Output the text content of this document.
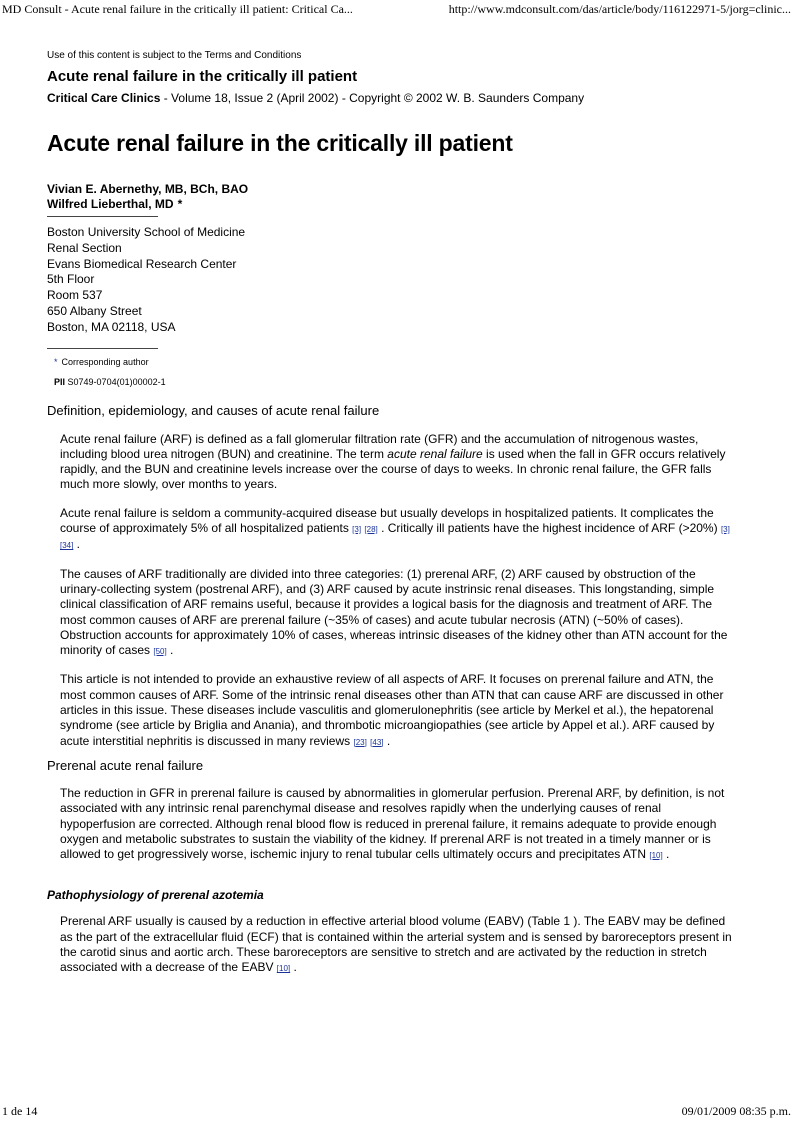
MD Consult - Acute renal failure in the critically ill patient: Critical Ca...	http://www.mdconsult.com/das/article/body/116122971-5/jorg=clinic...
Use of this content is subject to the Terms and Conditions
Acute renal failure in the critically ill patient
Critical Care Clinics - Volume 18, Issue 2 (April 2002) - Copyright © 2002 W. B. Saunders Company
Acute renal failure in the critically ill patient
Vivian E. Abernethy, MB, BCh, BAO
Wilfred Lieberthal, MD *
Boston University School of Medicine
Renal Section
Evans Biomedical Research Center
5th Floor
Room 537
650 Albany Street
Boston, MA 02118, USA
* Corresponding author
PII S0749-0704(01)00002-1
Definition, epidemiology, and causes of acute renal failure

Acute renal failure (ARF) is defined as a fall glomerular filtration rate (GFR) and the accumulation of nitrogenous wastes, including blood urea nitrogen (BUN) and creatinine. The term acute renal failure is used when the fall in GFR occurs relatively rapidly, and the BUN and creatinine levels increase over the course of days to weeks. In chronic renal failure, the GFR falls much more slowly, over months to years.

Acute renal failure is seldom a community-acquired disease but usually develops in hospitalized patients. It complicates the course of approximately 5% of all hospitalized patients [3] [28] . Critically ill patients have the highest incidence of ARF (>20%) [3] [34] .

The causes of ARF traditionally are divided into three categories: (1) prerenal ARF, (2) ARF caused by obstruction of the urinary-collecting system (postrenal ARF), and (3) ARF caused by acute instrinsic renal diseases. This longstanding, simple clinical classification of ARF remains useful, because it provides a logical basis for the diagnosis and treatment of ARF. The most common causes of ARF are prerenal failure (~35% of cases) and acute tubular necrosis (ATN) (~50% of cases). Obstruction accounts for approximately 10% of cases, whereas intrinsic diseases of the kidney other than ATN account for the minority of cases [50] .

This article is not intended to provide an exhaustive review of all aspects of ARF. It focuses on prerenal failure and ATN, the most common causes of ARF. Some of the intrinsic renal diseases other than ATN that can cause ARF are discussed in other articles in this issue. These diseases include vasculitis and glomerulonephritis (see article by Merkel et al.), the hepatorenal syndrome (see article by Briglia and Anania), and thrombotic microangiopathies (see article by Appel et al.). ARF caused by acute interstitial nephritis is discussed in many reviews [23] [43] .

Prerenal acute renal failure

The reduction in GFR in prerenal failure is caused by abnormalities in glomerular perfusion. Prerenal ARF, by definition, is not associated with any intrinsic renal parenchymal disease and resolves rapidly when the underlying causes of renal hypoperfusion are corrected. Although renal blood flow is reduced in prerenal failure, it remains adequate to provide enough oxygen and metabolic substrates to sustain the viability of the kidney. If prerenal ARF is not treated in a timely manner or is allowed to get progressively worse, ischemic injury to renal tubular cells ultimately occurs and precipitates ATN [10] .

Pathophysiology of prerenal azotemia

Prerenal ARF usually is caused by a reduction in effective arterial blood volume (EABV) (Table 1 ). The EABV may be defined as the part of the extracellular fluid (ECF) that is contained within the arterial system and is sensed by baroreceptors present in the carotid sinus and aortic arch. These baroreceptors are sensitive to stretch and are activated by the reduction in stretch associated with a decrease of the EABV [10] .

1 de 14	09/01/2009 08:35 p.m.
